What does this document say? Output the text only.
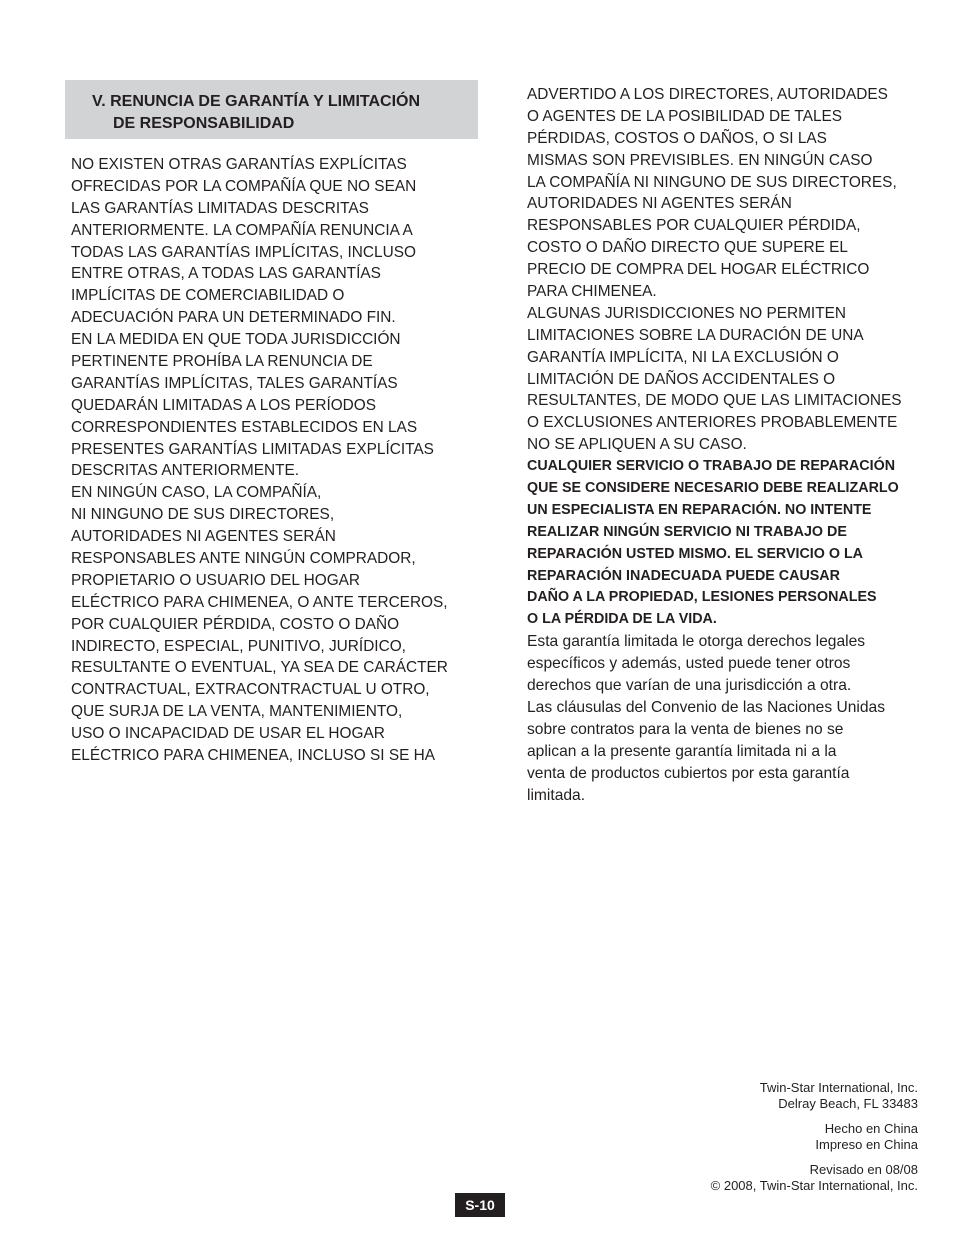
V. RENUNCIA DE GARANTÍA Y LIMITACIÓN
DE RESPONSABILIDAD
NO EXISTEN OTRAS GARANTÍAS EXPLÍCITAS
OFRECIDAS POR LA COMPAÑÍA QUE NO SEAN
LAS GARANTÍAS LIMITADAS DESCRITAS
ANTERIORMENTE. LA COMPAÑÍA RENUNCIA A
TODAS LAS GARANTÍAS IMPLÍCITAS, INCLUSO
ENTRE OTRAS, A TODAS LAS GARANTÍAS
IMPLÍCITAS DE COMERCIABILIDAD O
ADECUACIÓN PARA UN DETERMINADO FIN.
EN LA MEDIDA EN QUE TODA JURISDICCIÓN
PERTINENTE PROHÍBA LA RENUNCIA DE
GARANTÍAS IMPLÍCITAS, TALES GARANTÍAS
QUEDARÁN LIMITADAS A LOS PERÍODOS
CORRESPONDIENTES ESTABLECIDOS EN LAS
PRESENTES GARANTÍAS LIMITADAS EXPLÍCITAS
DESCRITAS ANTERIORMENTE.
EN NINGÚN CASO, LA COMPAÑÍA,
NI NINGUNO DE SUS DIRECTORES,
AUTORIDADES NI AGENTES SERÁN
RESPONSABLES ANTE NINGÚN COMPRADOR,
PROPIETARIO O USUARIO DEL HOGAR
ELÉCTRICO PARA CHIMENEA, O ANTE TERCEROS,
POR CUALQUIER PÉRDIDA, COSTO O DAÑO
INDIRECTO, ESPECIAL, PUNITIVO, JURÍDICO,
RESULTANTE O EVENTUAL, YA SEA DE CARÁCTER
CONTRACTUAL, EXTRACONTRACTUAL U OTRO,
QUE SURJA DE LA VENTA, MANTENIMIENTO,
USO O INCAPACIDAD DE USAR EL HOGAR
ELÉCTRICO PARA CHIMENEA, INCLUSO SI SE HA
ADVERTIDO A LOS DIRECTORES, AUTORIDADES
O AGENTES DE LA POSIBILIDAD DE TALES
PÉRDIDAS, COSTOS O DAÑOS, O SI LAS
MISMAS SON PREVISIBLES. EN NINGÚN CASO
LA COMPAÑÍA NI NINGUNO DE SUS DIRECTORES,
AUTORIDADES NI AGENTES SERÁN
RESPONSABLES POR CUALQUIER PÉRDIDA,
COSTO O DAÑO DIRECTO QUE SUPERE EL
PRECIO DE COMPRA DEL HOGAR ELÉCTRICO
PARA CHIMENEA.
ALGUNAS JURISDICCIONES NO PERMITEN
LIMITACIONES SOBRE LA DURACIÓN DE UNA
GARANTÍA IMPLÍCITA, NI LA EXCLUSIÓN O
LIMITACIÓN DE DAÑOS ACCIDENTALES O
RESULTANTES, DE MODO QUE LAS LIMITACIONES
O EXCLUSIONES ANTERIORES PROBABLEMENTE
NO SE APLIQUEN A SU CASO.
CUALQUIER SERVICIO O TRABAJO DE REPARACIÓN
QUE SE CONSIDERE NECESARIO DEBE REALIZARLO
UN ESPECIALISTA EN REPARACIÓN. NO INTENTE
REALIZAR NINGÚN SERVICIO NI TRABAJO DE
REPARACIÓN USTED MISMO. EL SERVICIO O LA
REPARACIÓN INADECUADA PUEDE CAUSAR
DAÑO A LA PROPIEDAD, LESIONES PERSONALES
O LA PÉRDIDA DE LA VIDA.
Esta garantía limitada le otorga derechos legales
específicos y además, usted puede tener otros
derechos que varían de una jurisdicción a otra.
Las cláusulas del Convenio de las Naciones Unidas
sobre contratos para la venta de bienes no se
aplican a la presente garantía limitada ni a la
venta de productos cubiertos por esta garantía
limitada.
Twin-Star International, Inc.
Delray Beach, FL 33483
Hecho en China
Impreso en China
Revisado en 08/08
© 2008, Twin-Star International, Inc.
S-10
